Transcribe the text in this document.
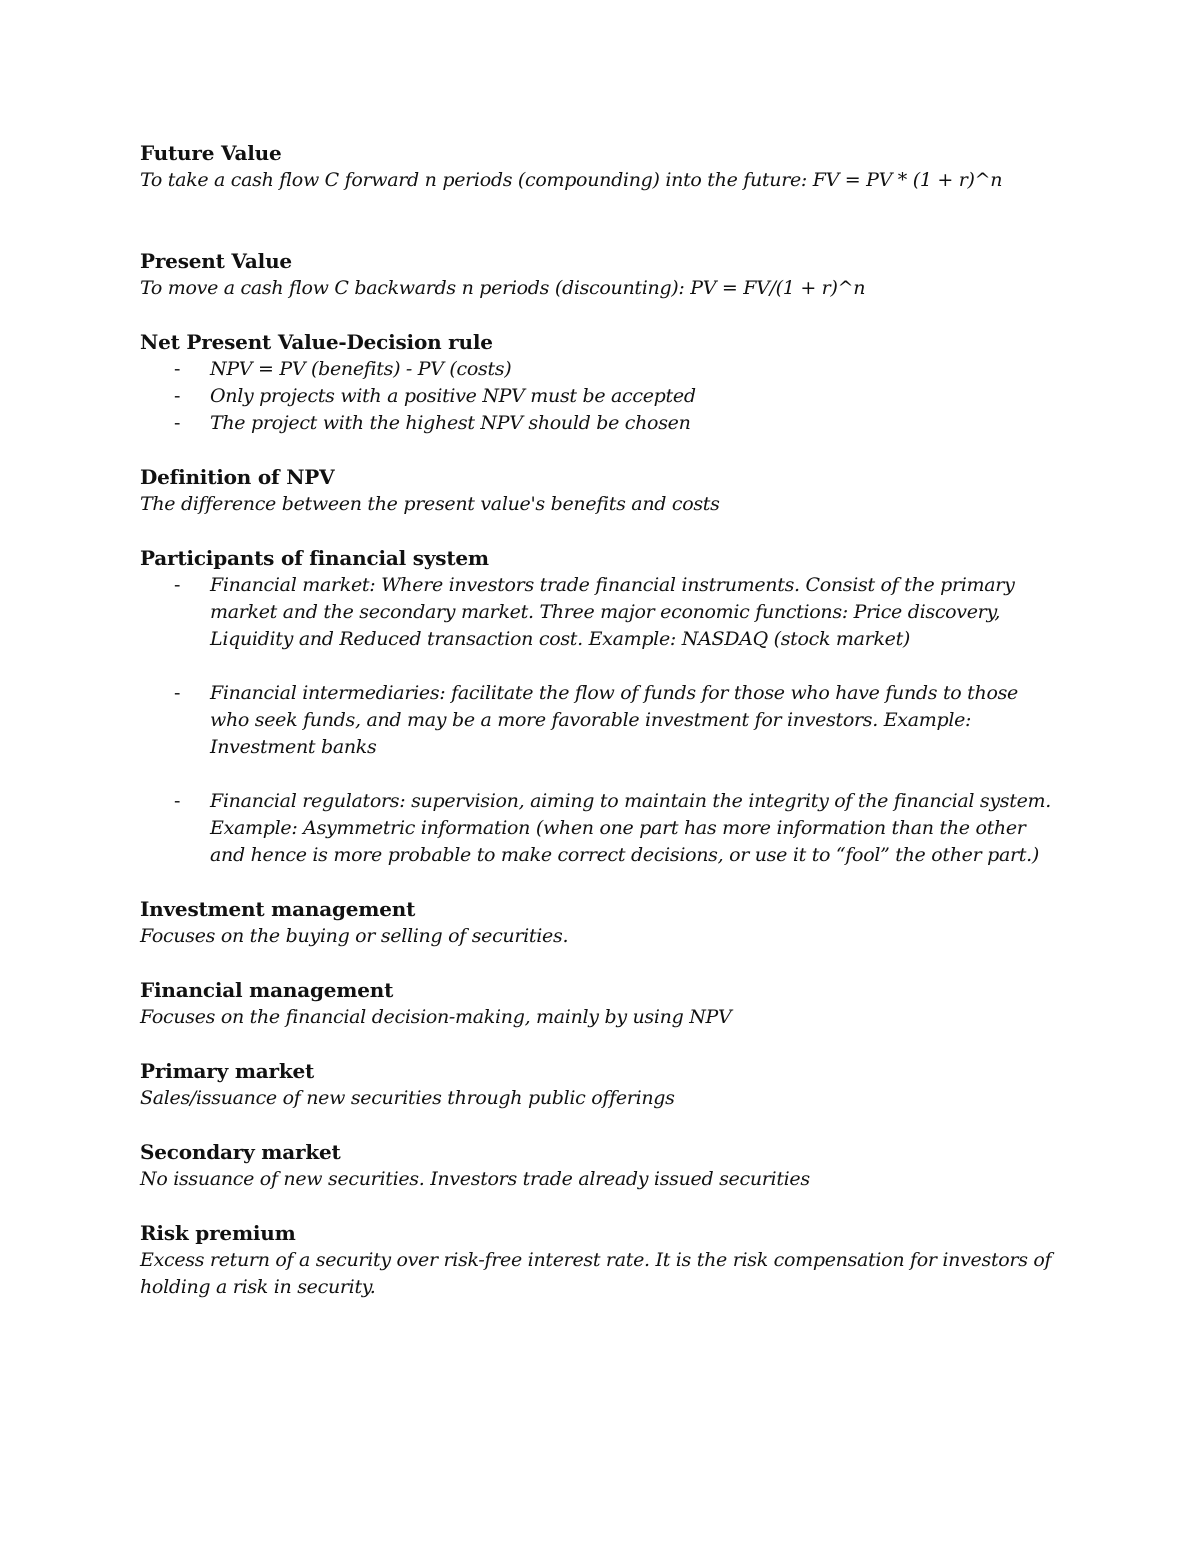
Future Value

To take a cash flow C forward n periods (compounding) into the future: FV = PV * (1 + r)^n

Present Value

To move a cash flow C backwards n periods (discounting): PV = FV/(1 + r)^n

Net Present Value-Decision rule

- NPV = PV (benefits) - PV (costs)
- Only projects with a positive NPV must be accepted
- The project with the highest NPV should be chosen

Definition of NPV

The difference between the present value's benefits and costs

Participants of financial system

- Financial market: Where investors trade financial instruments. Consist of the primary market and the secondary market. Three major economic functions: Price discovery, Liquidity and Reduced transaction cost. Example: NASDAQ (stock market)
- Financial intermediaries: facilitate the flow of funds for those who have funds to those who seek funds, and may be a more favorable investment for investors. Example: Investment banks
- Financial regulators: supervision, aiming to maintain the integrity of the financial system. Example: Asymmetric information (when one part has more information than the other and hence is more probable to make correct decisions, or use it to “fool” the other part.)

Investment management

Focuses on the buying or selling of securities.

Financial management

Focuses on the financial decision-making, mainly by using NPV

Primary market

Sales/issuance of new securities through public offerings

Secondary market

No issuance of new securities. Investors trade already issued securities

Risk premium

Excess return of a security over risk-free interest rate. It is the risk compensation for investors of holding a risk in security.
